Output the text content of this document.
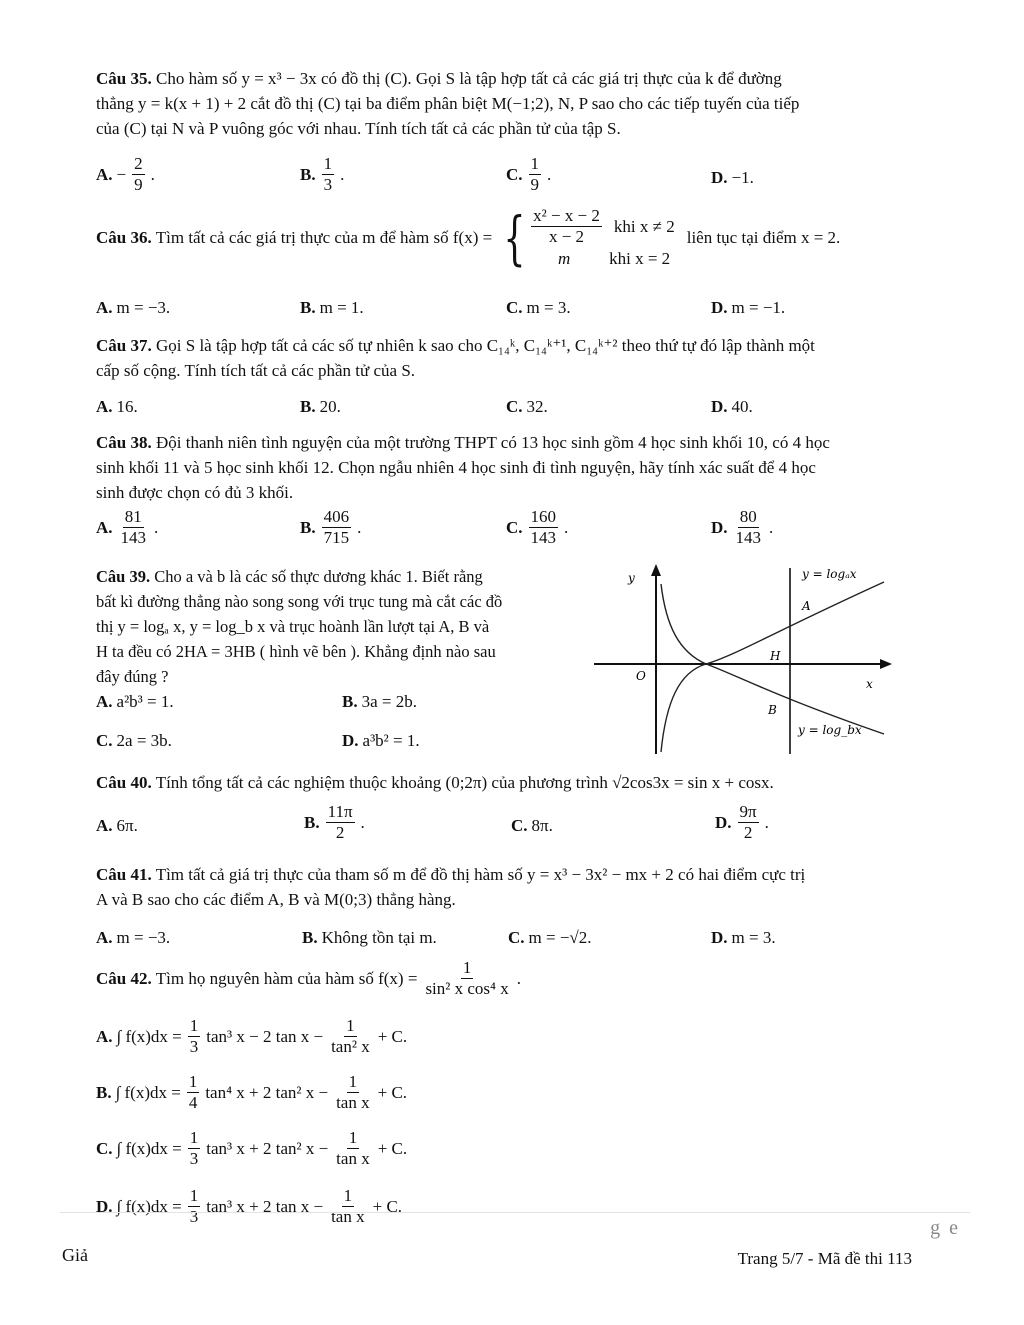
Câu 35. Cho hàm số y = x³ − 3x có đồ thị (C). Gọi S là tập hợp tất cả các giá trị thực của k để đường
thẳng y = k(x + 1) + 2 cắt đồ thị (C) tại ba điểm phân biệt M(−1;2), N, P sao cho các tiếp tuyến của tiếp
của (C) tại N và P vuông góc với nhau. Tính tích tất cả các phần tử của tập S.
A. − $\frac{2}{9}$ .	B. $\frac{1}{3}$ .	C. $\frac{1}{9}$ .	D. −1.
Câu 36. Tìm tất cả các giá trị thực của m để hàm số f(x) = { $\frac{\text{x² − x − 2}}{x - 2}$ khi x ≠ 2
m	khi x = 2
liên tục tại điểm x = 2.
A. m = −3.	B. m = 1.	C. m = 3.	D. m = −1.
Câu 37. Gọi S là tập hợp tất cả các số tự nhiên k sao cho C₁₄ᵏ, C₁₄ᵏ⁺¹, C₁₄ᵏ⁺² theo thứ tự đó lập thành một
cấp số cộng. Tính tích tất cả các phần tử của S.
A. 16.	B. 20.	C. 32.	D. 40.
Câu 38. Đội thanh niên tình nguyện của một trường THPT có 13 học sinh gồm 4 học sinh khối 10, có 4 học
sinh khối 11 và 5 học sinh khối 12. Chọn ngẫu nhiên 4 học sinh đi tình nguyện, hãy tính xác suất để 4 học
sinh được chọn có đủ 3 khối.
A. $\frac{81}{143}$ .	B. $\frac{406}{715}$ .	C. $\frac{160}{143}$ .	D. $\frac{80}{143}$ .
Câu 39. Cho a và b là các số thực dương khác 1. Biết rằng
bất kì đường thẳng nào song song với trục tung mà cắt các đồ
thị y = logₐ x, y = log_b x và trục hoành lần lượt tại A, B và
H ta đều có 2HA = 3HB ( hình vẽ bên ). Khẳng định nào sau
đây đúng ?
A. a²b³ = 1.	B. 3a = 2b.
C. 2a = 3b.	D. a³b² = 1.
y
x
O
y = logₐx
y = log_bx
A
H
B
Câu 40. Tính tổng tất cả các nghiệm thuộc khoảng (0;2π) của phương trình √2cos3x = sin x + cosx.
A. 6π.	B. $\frac{11\pi}{2}$ .	C. 8π.	D. $\frac{9\pi}{2}$ .
Câu 41. Tìm tất cả giá trị thực của tham số m để đồ thị hàm số y = x³ − 3x² − mx + 2 có hai điểm cực trị
A và B sao cho các điểm A, B và M(0;3) thẳng hàng.
A. m = −3.	B. Không tồn tại m.	C. m = −√2.	D. m = 3.
Câu 42. Tìm họ nguyên hàm của hàm số $f(x) = \frac{1}{\text{sin² x cos⁴ x}}$ .
A. ∫ $f(x)dx = \frac{1}{3} \tan^3$ x − 2 $\tan x - \frac{1}{\text{tan² x}} + C$.
B. ∫ $f(x)dx = \frac{1}{4} \tan^4$ x + 2 tan² $x - \frac{1}{\text{tan x}} + C$.
C. ∫ $f(x)dx = \frac{1}{3} \tan^3$ x + 2 tan² $x - \frac{1}{\text{tan x}} + C$.
D. ∫ $f(x)dx = \frac{1}{3} \tan^3$ x + 2 $\tan x - \frac{1}{\text{tan x}} + C$.
g e
Giả	Trang 5/7 - Mã đề thi 113
